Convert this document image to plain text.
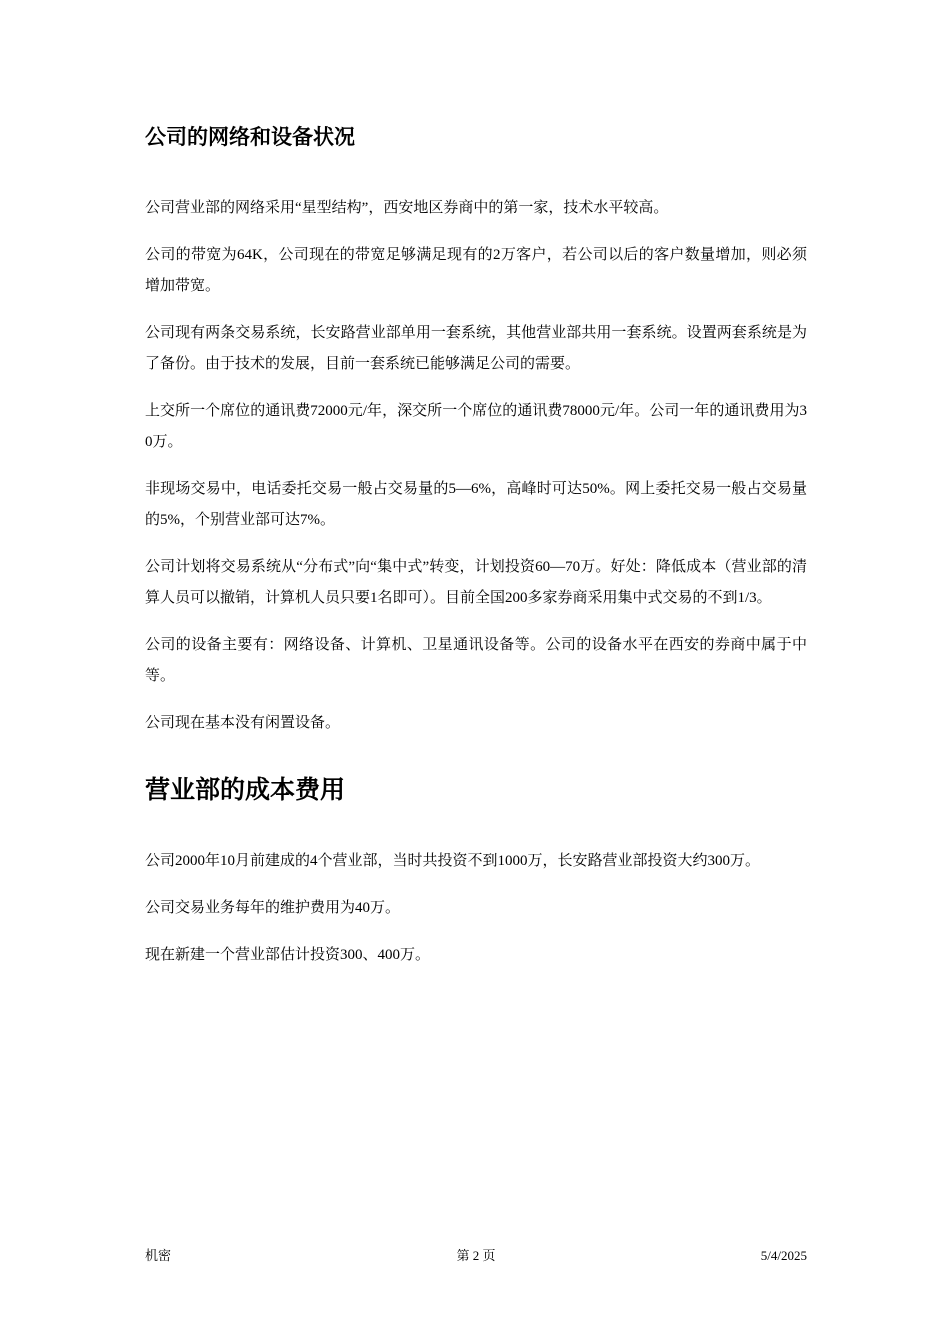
公司的网络和设备状况

公司营业部的网络采用“星型结构”，西安地区券商中的第一家，技术水平较高。

公司的带宽为64K，公司现在的带宽足够满足现有的2万客户，若公司以后的客户数量增加，则必须增加带宽。

公司现有两条交易系统，长安路营业部单用一套系统，其他营业部共用一套系统。设置两套系统是为了备份。由于技术的发展，目前一套系统已能够满足公司的需要。

上交所一个席位的通讯费72000元/年，深交所一个席位的通讯费78000元/年。公司一年的通讯费用为30万。

非现场交易中，电话委托交易一般占交易量的5—6%，高峰时可达50%。网上委托交易一般占交易量的5%，个别营业部可达7%。

公司计划将交易系统从“分布式”向“集中式”转变，计划投资60—70万。好处：降低成本（营业部的清算人员可以撤销，计算机人员只要1名即可）。目前全国200多家券商采用集中式交易的不到1/3。

公司的设备主要有：网络设备、计算机、卫星通讯设备等。公司的设备水平在西安的券商中属于中等。

公司现在基本没有闲置设备。

营业部的成本费用

公司2000年10月前建成的4个营业部，当时共投资不到1000万，长安路营业部投资大约300万。

公司交易业务每年的维护费用为40万。

现在新建一个营业部估计投资300、400万。

机密	第 2 页	5/4/2025
